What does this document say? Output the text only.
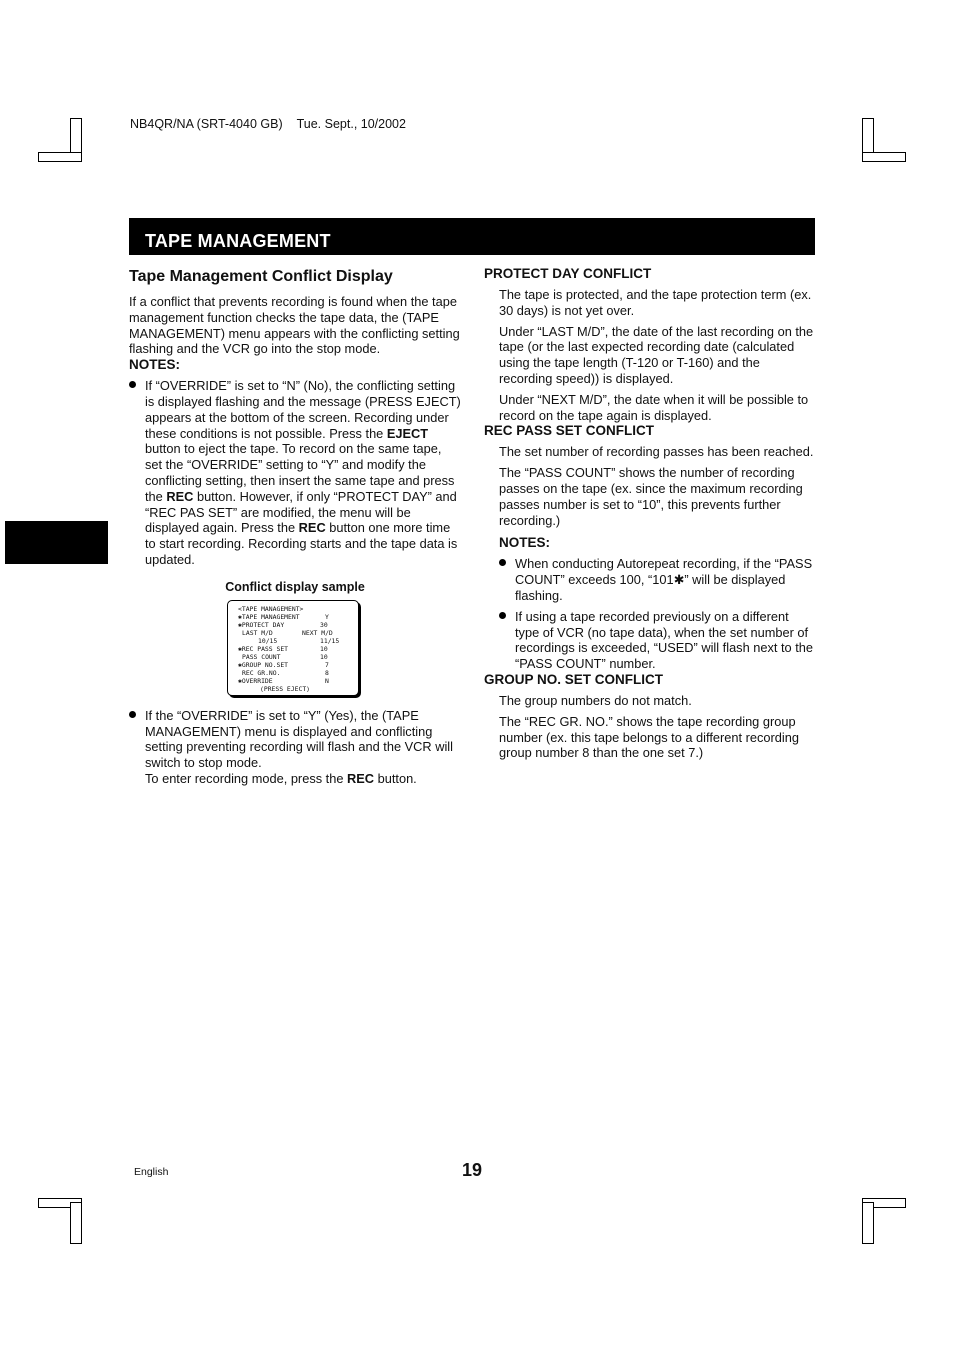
NB4QR/NA (SRT-4040 GB) Tue. Sept., 10/2002
TAPE MANAGEMENT
Tape Management Conflict Display

If a conflict that prevents recording is found when the tape management function checks the tape data, the (TAPE MANAGEMENT) menu appears with the conflicting setting flashing and the VCR go into the stop mode.

NOTES:
If “OVERRIDE” is set to “N” (No), the conflicting setting is displayed flashing and the message (PRESS EJECT) appears at the bottom of the screen. Recording under these conditions is not possible. Press the EJECT button to eject the tape. To record on the same tape, set the “OVERRIDE” setting to “Y” and modify the conflicting setting, then insert the same tape and press the REC button. However, if only “PROTECT DAY” and “REC PAS SET” are modified, the menu will be displayed again. Press the REC button one more time to start recording. Recording starts and the tape data is updated.
Conflict display sample
<TAPE MANAGEMENT>
✱TAPE MANAGEMENT	Y
✱PROTECT DAY	30
LAST M/D	NEXT M/D
10/15	11/15
✱REC PASS SET	10
PASS COUNT	10
✱GROUP NO.SET	7
REC GR.NO.	8
✱OVERRIDE	N
(PRESS EJECT)
If the “OVERRIDE” is set to “Y” (Yes), the (TAPE MANAGEMENT) menu is displayed and conflicting setting preventing recording will flash and the VCR will switch to stop mode.
To enter recording mode, press the REC button.
PROTECT DAY CONFLICT

The tape is protected, and the tape protection term (ex. 30 days) is not yet over.

Under “LAST M/D”, the date of the last recording on the tape (or the last expected recording date (calculated using the tape length (T-120 or T-160) and the recording speed)) is displayed.

Under “NEXT M/D”, the date when it will be possible to record on the tape again is displayed.

REC PASS SET CONFLICT

The set number of recording passes has been reached.

The “PASS COUNT” shows the number of recording passes on the tape (ex. since the maximum recording passes number is set to “10”, this prevents further recording.)

NOTES:
When conducting Autorepeat recording, if the “PASS COUNT” exceeds 100, “101✱” will be displayed flashing.
If using a tape recorded previously on a different type of VCR (no tape data), when the set number of recordings is exceeded, “USED” will flash next to the “PASS COUNT” number.
GROUP NO. SET CONFLICT

The group numbers do not match.

The “REC GR. NO.” shows the tape recording group number (ex. this tape belongs to a different recording group number 8 than the one set 7.)

English	19
